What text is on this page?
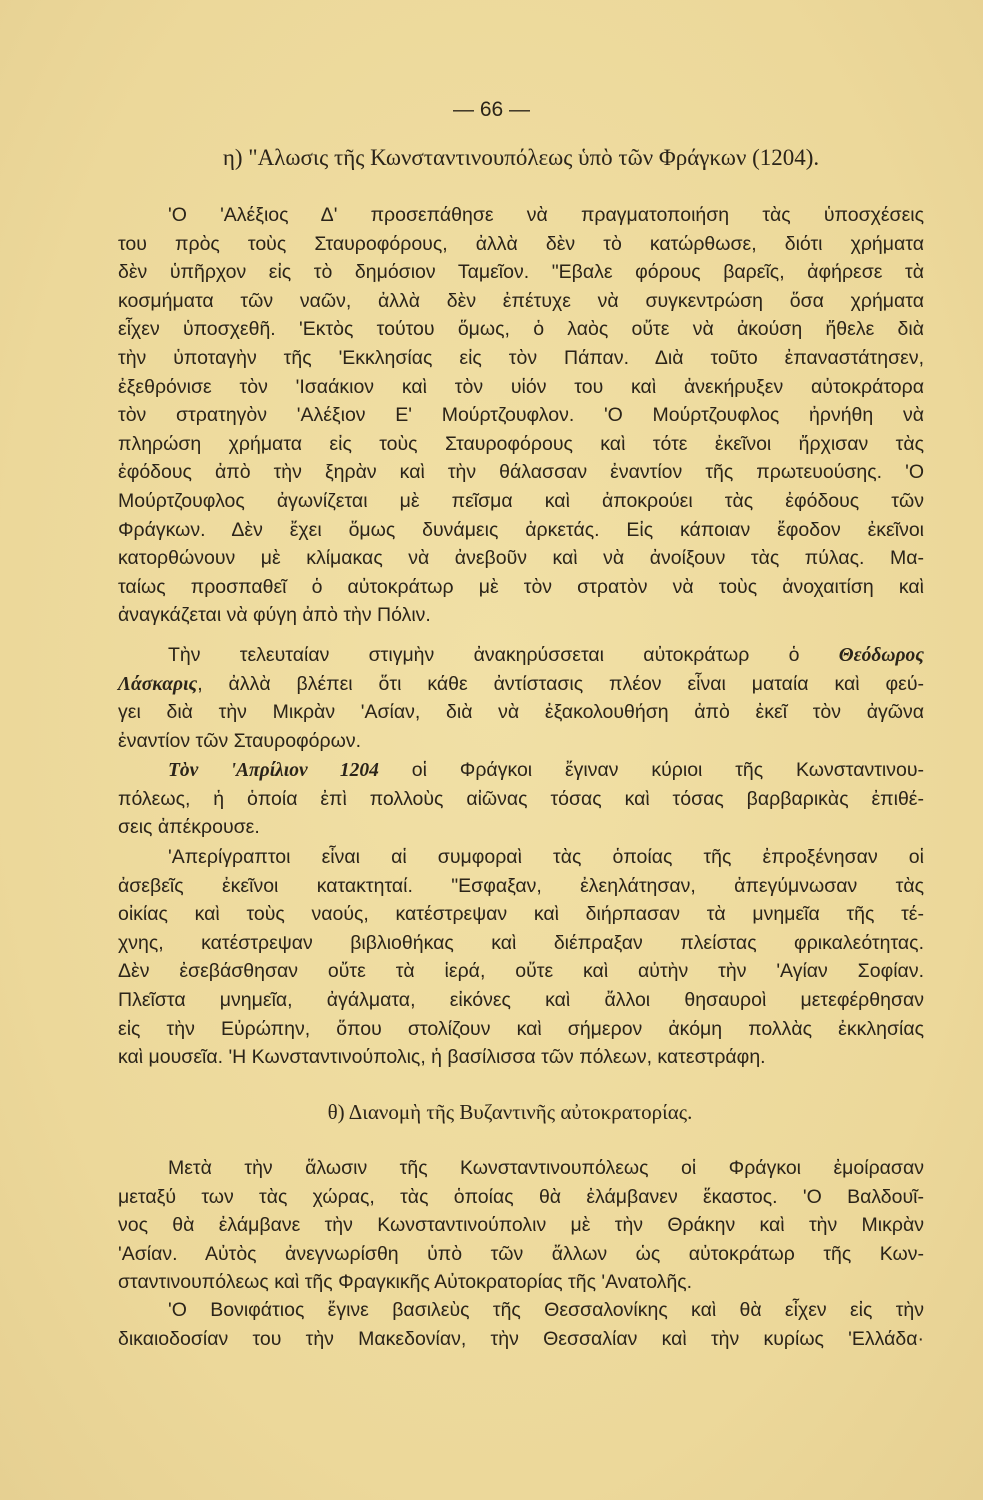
— 66 —
η) "Αλωσις τῆς Κωνσταντινουπόλεως ὑπὸ τῶν Φράγκων (1204).
θ) Διανομὴ τῆς Βυζαντινῆς αὐτοκρατορίας.
'Ο 'Αλέξιος Δ' προσεπάθησε νὰ πραγματοποιήση τὰς ὑποσχέσεις
του πρὸς τοὺς Σταυροφόρους, ἀλλὰ δὲν τὸ κατώρθωσε, διότι χρήματα
δὲν ὑπῆρχον εἰς τὸ δημόσιον Ταμεῖον. "Εβαλε φόρους βαρεῖς, ἀφήρεσε τὰ
κοσμήματα τῶν ναῶν, ἀλλὰ δὲν ἐπέτυχε νὰ συγκεντρώση ὅσα χρήματα
εἶχεν ὑποσχεθῆ. 'Εκτὸς τούτου ὅμως, ὁ λαὸς οὔτε νὰ ἀκούση ἤθελε διὰ
τὴν ὑποταγὴν τῆς 'Εκκλησίας εἰς τὸν Πάπαν. Διὰ τοῦτο ἐπαναστάτησεν,
ἐξεθρόνισε τὸν 'Ισαάκιον καὶ τὸν υἱόν του καὶ ἀνεκήρυξεν αὐτοκράτορα
τὸν στρατηγὸν 'Αλέξιον Ε' Μούρτζουφλον. 'Ο Μούρτζουφλος ἠρνήθη νὰ
πληρώση χρήματα εἰς τοὺς Σταυροφόρους καὶ τότε ἐκεῖνοι ἤρχισαν τὰς
ἐφόδους ἀπὸ τὴν ξηρὰν καὶ τὴν θάλασσαν ἐναντίον τῆς πρωτευούσης. 'Ο
Μούρτζουφλος ἀγωνίζεται μὲ πεῖσμα καὶ ἀποκρούει τὰς ἐφόδους τῶν
Φράγκων. Δὲν ἔχει ὅμως δυνάμεις ἀρκετάς. Εἰς κάποιαν ἔφοδον ἐκεῖνοι
κατορθώνουν μὲ κλίμακας νὰ ἀνεβοῦν καὶ νὰ ἀνοίξουν τὰς πύλας. Μα-
ταίως προσπαθεῖ ὁ αὐτοκράτωρ μὲ τὸν στρατὸν νὰ τοὺς ἀνοχαιτίση καὶ
ἀναγκάζεται νὰ φύγη ἀπὸ τὴν Πόλιν.
Τὴν τελευταίαν στιγμὴν ἀνακηρύσσεται αὐτοκράτωρ ὁ Θεόδωρος
Λάσκαρις, ἀλλὰ βλέπει ὅτι κάθε ἀντίστασις πλέον εἶναι ματαία καὶ φεύ-
γει διὰ τὴν Μικρὰν 'Ασίαν, διὰ νὰ ἐξακολουθήση ἀπὸ ἐκεῖ τὸν ἀγῶνα
ἐναντίον τῶν Σταυροφόρων.
Τὸν 'Απρίλιον 1204 οἱ Φράγκοι ἔγιναν κύριοι τῆς Κωνσταντινου-
πόλεως, ἡ ὁποία ἐπὶ πολλοὺς αἰῶνας τόσας καὶ τόσας βαρβαρικὰς ἐπιθέ-
σεις ἀπέκρουσε.
'Απερίγραπτοι εἶναι αἱ συμφοραὶ τὰς ὁποίας τῆς ἐπροξένησαν οἱ
ἀσεβεῖς ἐκεῖνοι κατακτηταί. "Εσφαξαν, ἐλεηλάτησαν, ἀπεγύμνωσαν τὰς
οἰκίας καὶ τοὺς ναούς, κατέστρεψαν καὶ διήρπασαν τὰ μνημεῖα τῆς τέ-
χνης, κατέστρεψαν βιβλιοθήκας καὶ διέπραξαν πλείστας φρικαλεότητας.
Δὲν ἐσεβάσθησαν οὔτε τὰ ἱερά, οὔτε καὶ αὐτὴν τὴν 'Αγίαν Σοφίαν.
Πλεῖστα μνημεῖα, ἀγάλματα, εἰκόνες καὶ ἄλλοι θησαυροὶ μετεφέρθησαν
εἰς τὴν Εὐρώπην, ὅπου στολίζουν καὶ σήμερον ἀκόμη πολλὰς ἐκκλησίας
καὶ μουσεῖα. 'Η Κωνσταντινούπολις, ἡ βασίλισσα τῶν πόλεων, κατεστράφη.
Μετὰ τὴν ἅλωσιν τῆς Κωνσταντινουπόλεως οἱ Φράγκοι ἐμοίρασαν
μεταξύ των τὰς χώρας, τὰς ὁποίας θὰ ἐλάμβανεν ἕκαστος. 'Ο Βαλδουῖ-
νος θὰ ἐλάμβανε τὴν Κωνσταντινούπολιν μὲ τὴν Θράκην καὶ τὴν Μικρὰν
'Ασίαν. Αὐτὸς ἀνεγνωρίσθη ὑπὸ τῶν ἄλλων ὡς αὐτοκράτωρ τῆς Κων-
σταντινουπόλεως καὶ τῆς Φραγκικῆς Αὐτοκρατορίας τῆς 'Ανατολῆς.
'Ο Βονιφάτιος ἔγινε βασιλεὺς τῆς Θεσσαλονίκης καὶ θὰ εἶχεν εἰς τὴν
δικαιοδοσίαν του τὴν Μακεδονίαν, τὴν Θεσσαλίαν καὶ τὴν κυρίως 'Ελλάδα·
